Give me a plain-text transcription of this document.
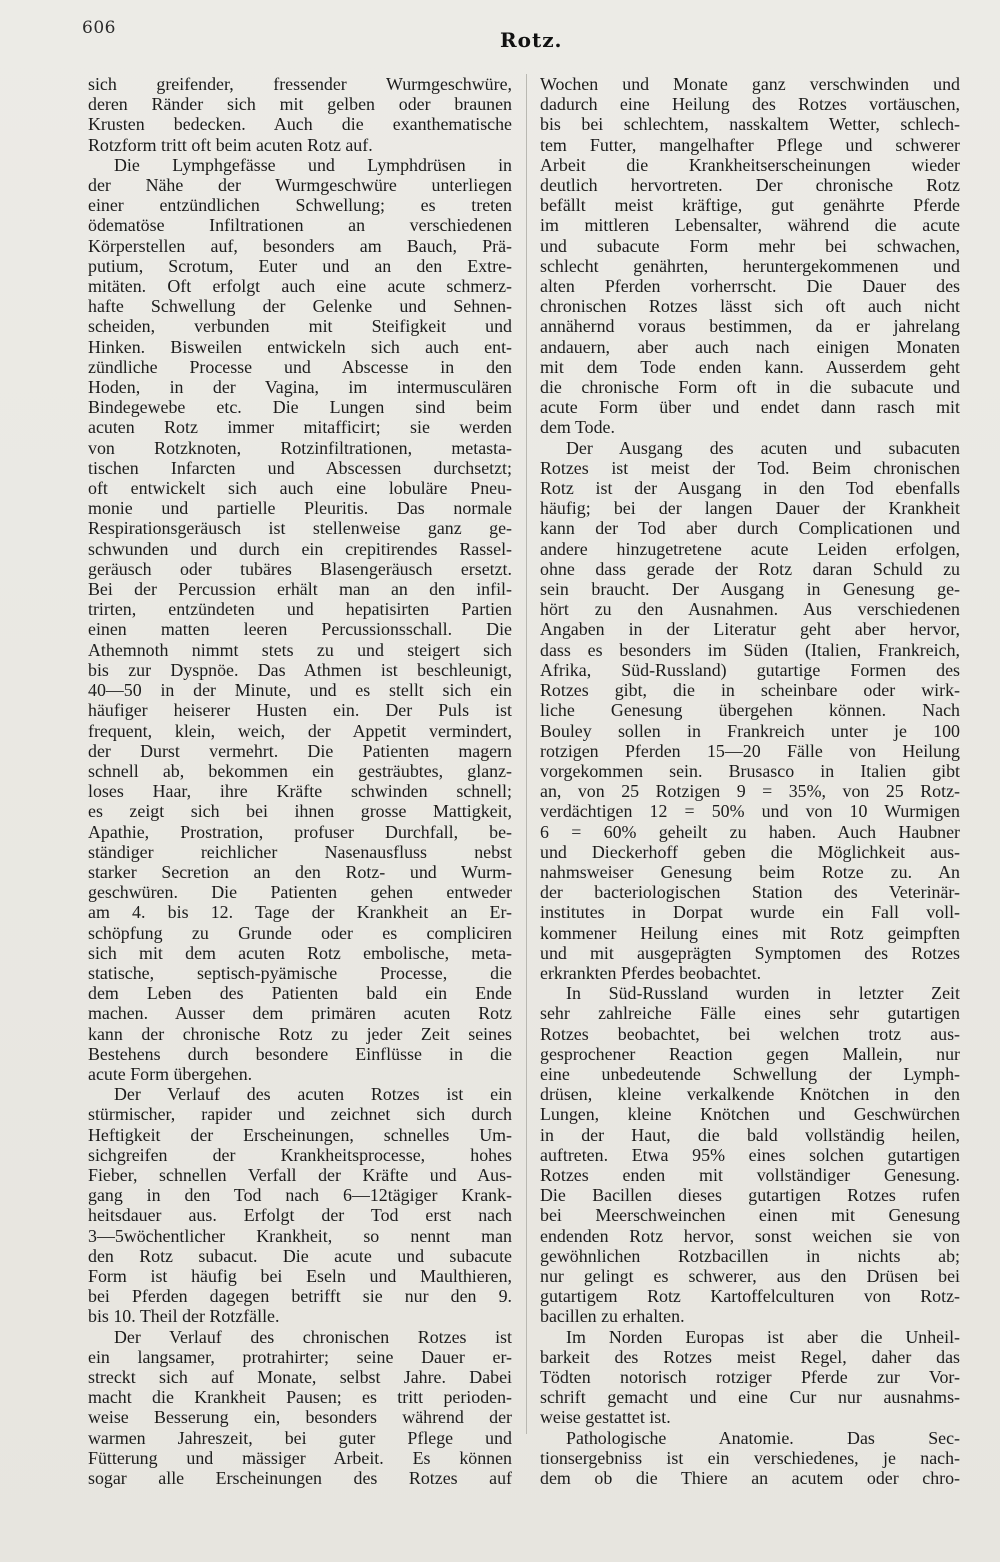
606	Rotz.
sich greifender, fressender Wurmgeschwüre,
deren Ränder sich mit gelben oder braunen
Krusten bedecken. Auch die exanthematische
Rotzform tritt oft beim acuten Rotz auf.
Die Lymphgefässe und Lymphdrüsen in
der Nähe der Wurmgeschwüre unterliegen
einer entzündlichen Schwellung; es treten
ödematöse Infiltrationen an verschiedenen
Körperstellen auf, besonders am Bauch, Prä-
putium, Scrotum, Euter und an den Extre-
mitäten. Oft erfolgt auch eine acute schmerz-
hafte Schwellung der Gelenke und Sehnen-
scheiden, verbunden mit Steifigkeit und
Hinken. Bisweilen entwickeln sich auch ent-
zündliche Processe und Abscesse in den
Hoden, in der Vagina, im intermusculären
Bindegewebe etc. Die Lungen sind beim
acuten Rotz immer mitafficirt; sie werden
von Rotzknoten, Rotzinfiltrationen, metasta-
tischen Infarcten und Abscessen durchsetzt;
oft entwickelt sich auch eine lobuläre Pneu-
monie und partielle Pleuritis. Das normale
Respirationsgeräusch ist stellenweise ganz ge-
schwunden und durch ein crepitirendes Rassel-
geräusch oder tubäres Blasengeräusch ersetzt.
Bei der Percussion erhält man an den infil-
trirten, entzündeten und hepatisirten Partien
einen matten leeren Percussionsschall. Die
Athemnoth nimmt stets zu und steigert sich
bis zur Dyspnöe. Das Athmen ist beschleunigt,
40—50 in der Minute, und es stellt sich ein
häufiger heiserer Husten ein. Der Puls ist
frequent, klein, weich, der Appetit vermindert,
der Durst vermehrt. Die Patienten magern
schnell ab, bekommen ein gesträubtes, glanz-
loses Haar, ihre Kräfte schwinden schnell;
es zeigt sich bei ihnen grosse Mattigkeit,
Apathie, Prostration, profuser Durchfall, be-
ständiger reichlicher Nasenausfluss nebst
starker Secretion an den Rotz- und Wurm-
geschwüren. Die Patienten gehen entweder
am 4. bis 12. Tage der Krankheit an Er-
schöpfung zu Grunde oder es compliciren
sich mit dem acuten Rotz embolische, meta-
statische, septisch-pyämische Processe, die
dem Leben des Patienten bald ein Ende
machen. Ausser dem primären acuten Rotz
kann der chronische Rotz zu jeder Zeit seines
Bestehens durch besondere Einflüsse in die
acute Form übergehen.
Der Verlauf des acuten Rotzes ist ein
stürmischer, rapider und zeichnet sich durch
Heftigkeit der Erscheinungen, schnelles Um-
sichgreifen der Krankheitsprocesse, hohes
Fieber, schnellen Verfall der Kräfte und Aus-
gang in den Tod nach 6—12tägiger Krank-
heitsdauer aus. Erfolgt der Tod erst nach
3—5wöchentlicher Krankheit, so nennt man
den Rotz subacut. Die acute und subacute
Form ist häufig bei Eseln und Maulthieren,
bei Pferden dagegen betrifft sie nur den 9.
bis 10. Theil der Rotzfälle.
Der Verlauf des chronischen Rotzes ist
ein langsamer, protrahirter; seine Dauer er-
streckt sich auf Monate, selbst Jahre. Dabei
macht die Krankheit Pausen; es tritt perioden-
weise Besserung ein, besonders während der
warmen Jahreszeit, bei guter Pflege und
Fütterung und mässiger Arbeit. Es können
sogar alle Erscheinungen des Rotzes auf
Wochen und Monate ganz verschwinden und
dadurch eine Heilung des Rotzes vortäuschen,
bis bei schlechtem, nasskaltem Wetter, schlech-
tem Futter, mangelhafter Pflege und schwerer
Arbeit die Krankheitserscheinungen wieder
deutlich hervortreten. Der chronische Rotz
befällt meist kräftige, gut genährte Pferde
im mittleren Lebensalter, während die acute
und subacute Form mehr bei schwachen,
schlecht genährten, heruntergekommenen und
alten Pferden vorherrscht. Die Dauer des
chronischen Rotzes lässt sich oft auch nicht
annähernd voraus bestimmen, da er jahrelang
andauern, aber auch nach einigen Monaten
mit dem Tode enden kann. Ausserdem geht
die chronische Form oft in die subacute und
acute Form über und endet dann rasch mit
dem Tode.
Der Ausgang des acuten und subacuten
Rotzes ist meist der Tod. Beim chronischen
Rotz ist der Ausgang in den Tod ebenfalls
häufig; bei der langen Dauer der Krankheit
kann der Tod aber durch Complicationen und
andere hinzugetretene acute Leiden erfolgen,
ohne dass gerade der Rotz daran Schuld zu
sein braucht. Der Ausgang in Genesung ge-
hört zu den Ausnahmen. Aus verschiedenen
Angaben in der Literatur geht aber hervor,
dass es besonders im Süden (Italien, Frankreich,
Afrika, Süd-Russland) gutartige Formen des
Rotzes gibt, die in scheinbare oder wirk-
liche Genesung übergehen können. Nach
Bouley sollen in Frankreich unter je 100
rotzigen Pferden 15—20 Fälle von Heilung
vorgekommen sein. Brusasco in Italien gibt
an, von 25 Rotzigen 9 = 35%, von 25 Rotz-
verdächtigen 12 = 50% und von 10 Wurmigen
6 = 60% geheilt zu haben. Auch Haubner
und Dieckerhoff geben die Möglichkeit aus-
nahmsweiser Genesung beim Rotze zu. An
der bacteriologischen Station des Veterinär-
institutes in Dorpat wurde ein Fall voll-
kommener Heilung eines mit Rotz geimpften
und mit ausgeprägten Symptomen des Rotzes
erkrankten Pferdes beobachtet.
In Süd-Russland wurden in letzter Zeit
sehr zahlreiche Fälle eines sehr gutartigen
Rotzes beobachtet, bei welchen trotz aus-
gesprochener Reaction gegen Mallein, nur
eine unbedeutende Schwellung der Lymph-
drüsen, kleine verkalkende Knötchen in den
Lungen, kleine Knötchen und Geschwürchen
in der Haut, die bald vollständig heilen,
auftreten. Etwa 95% eines solchen gutartigen
Rotzes enden mit vollständiger Genesung.
Die Bacillen dieses gutartigen Rotzes rufen
bei Meerschweinchen einen mit Genesung
endenden Rotz hervor, sonst weichen sie von
gewöhnlichen Rotzbacillen in nichts ab;
nur gelingt es schwerer, aus den Drüsen bei
gutartigem Rotz Kartoffelculturen von Rotz-
bacillen zu erhalten.
Im Norden Europas ist aber die Unheil-
barkeit des Rotzes meist Regel, daher das
Tödten notorisch rotziger Pferde zur Vor-
schrift gemacht und eine Cur nur ausnahms-
weise gestattet ist.
Pathologische Anatomie. Das Sec-
tionsergebniss ist ein verschiedenes, je nach-
dem ob die Thiere an acutem oder chro-
